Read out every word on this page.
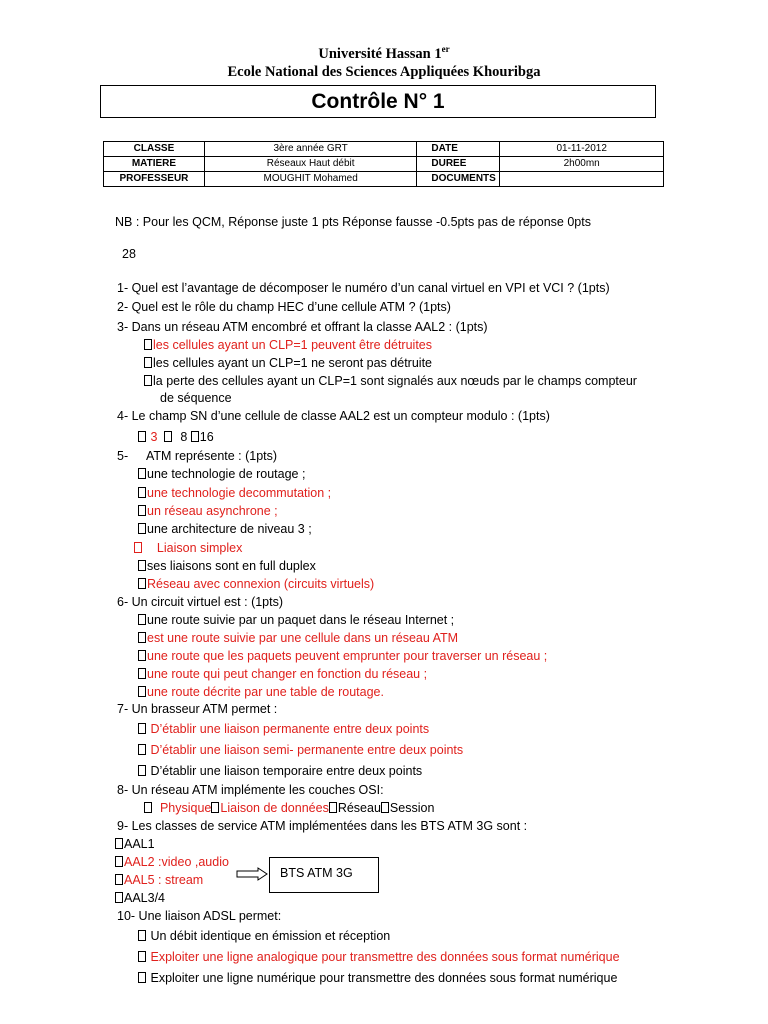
Université Hassan 1er
Ecole National des Sciences Appliquées Khouribga
Contrôle N° 1
CLASSE	3ère année GRT	DATE	01-11-2012
MATIERE	Réseaux Haut débit	DUREE	2h00mn
PROFESSEUR	MOUGHIT Mohamed	DOCUMENTS	
NB : Pour les QCM, Réponse juste 1 pts Réponse fausse -0.5pts pas de réponse 0pts
28
1- Quel est l’avantage de décomposer le numéro d’un canal virtuel en VPI et VCI ? (1pts)
2- Quel est le rôle du champ HEC d’une cellule ATM ? (1pts)
3- Dans un réseau ATM encombré et offrant la classe AAL2 : (1pts)
les cellules ayant un CLP=1 peuvent être détruites
les cellules ayant un CLP=1 ne seront pas détruite
la perte des cellules ayant un CLP=1 sont signalés aux nœuds par le champs compteur
de séquence
4- Le champ SN d’une cellule de classe AAL2 est un compteur modulo : (1pts)
3 8 16
5- ATM représente : (1pts)
une technologie de routage ;
une technologie decommutation ;
un réseau asynchrone ;
une architecture de niveau 3 ;
Liaison simplex
ses liaisons sont en full duplex
Réseau avec connexion (circuits virtuels)
6- Un circuit virtuel est : (1pts)
une route suivie par un paquet dans le réseau Internet ;
est une route suivie par une cellule dans un réseau ATM
une route que les paquets peuvent emprunter pour traverser un réseau ;
une route qui peut changer en fonction du réseau ;
une route décrite par une table de routage.
7- Un brasseur ATM permet :
D’établir une liaison permanente entre deux points
D’établir une liaison semi- permanente entre deux points
D’établir une liaison temporaire entre deux points
8- Un réseau ATM implémente les couches OSI:
Physique Liaison de données Réseau Session
9- Les classes de service ATM implémentées dans les BTS ATM 3G sont :
AAL1
AAL2 :video ,audio
AAL5 : stream
AAL3/4
BTS ATM 3G
10- Une liaison ADSL permet:
Un débit identique en émission et réception
Exploiter une ligne analogique pour transmettre des données sous format numérique
Exploiter une ligne numérique pour transmettre des données sous format numérique
